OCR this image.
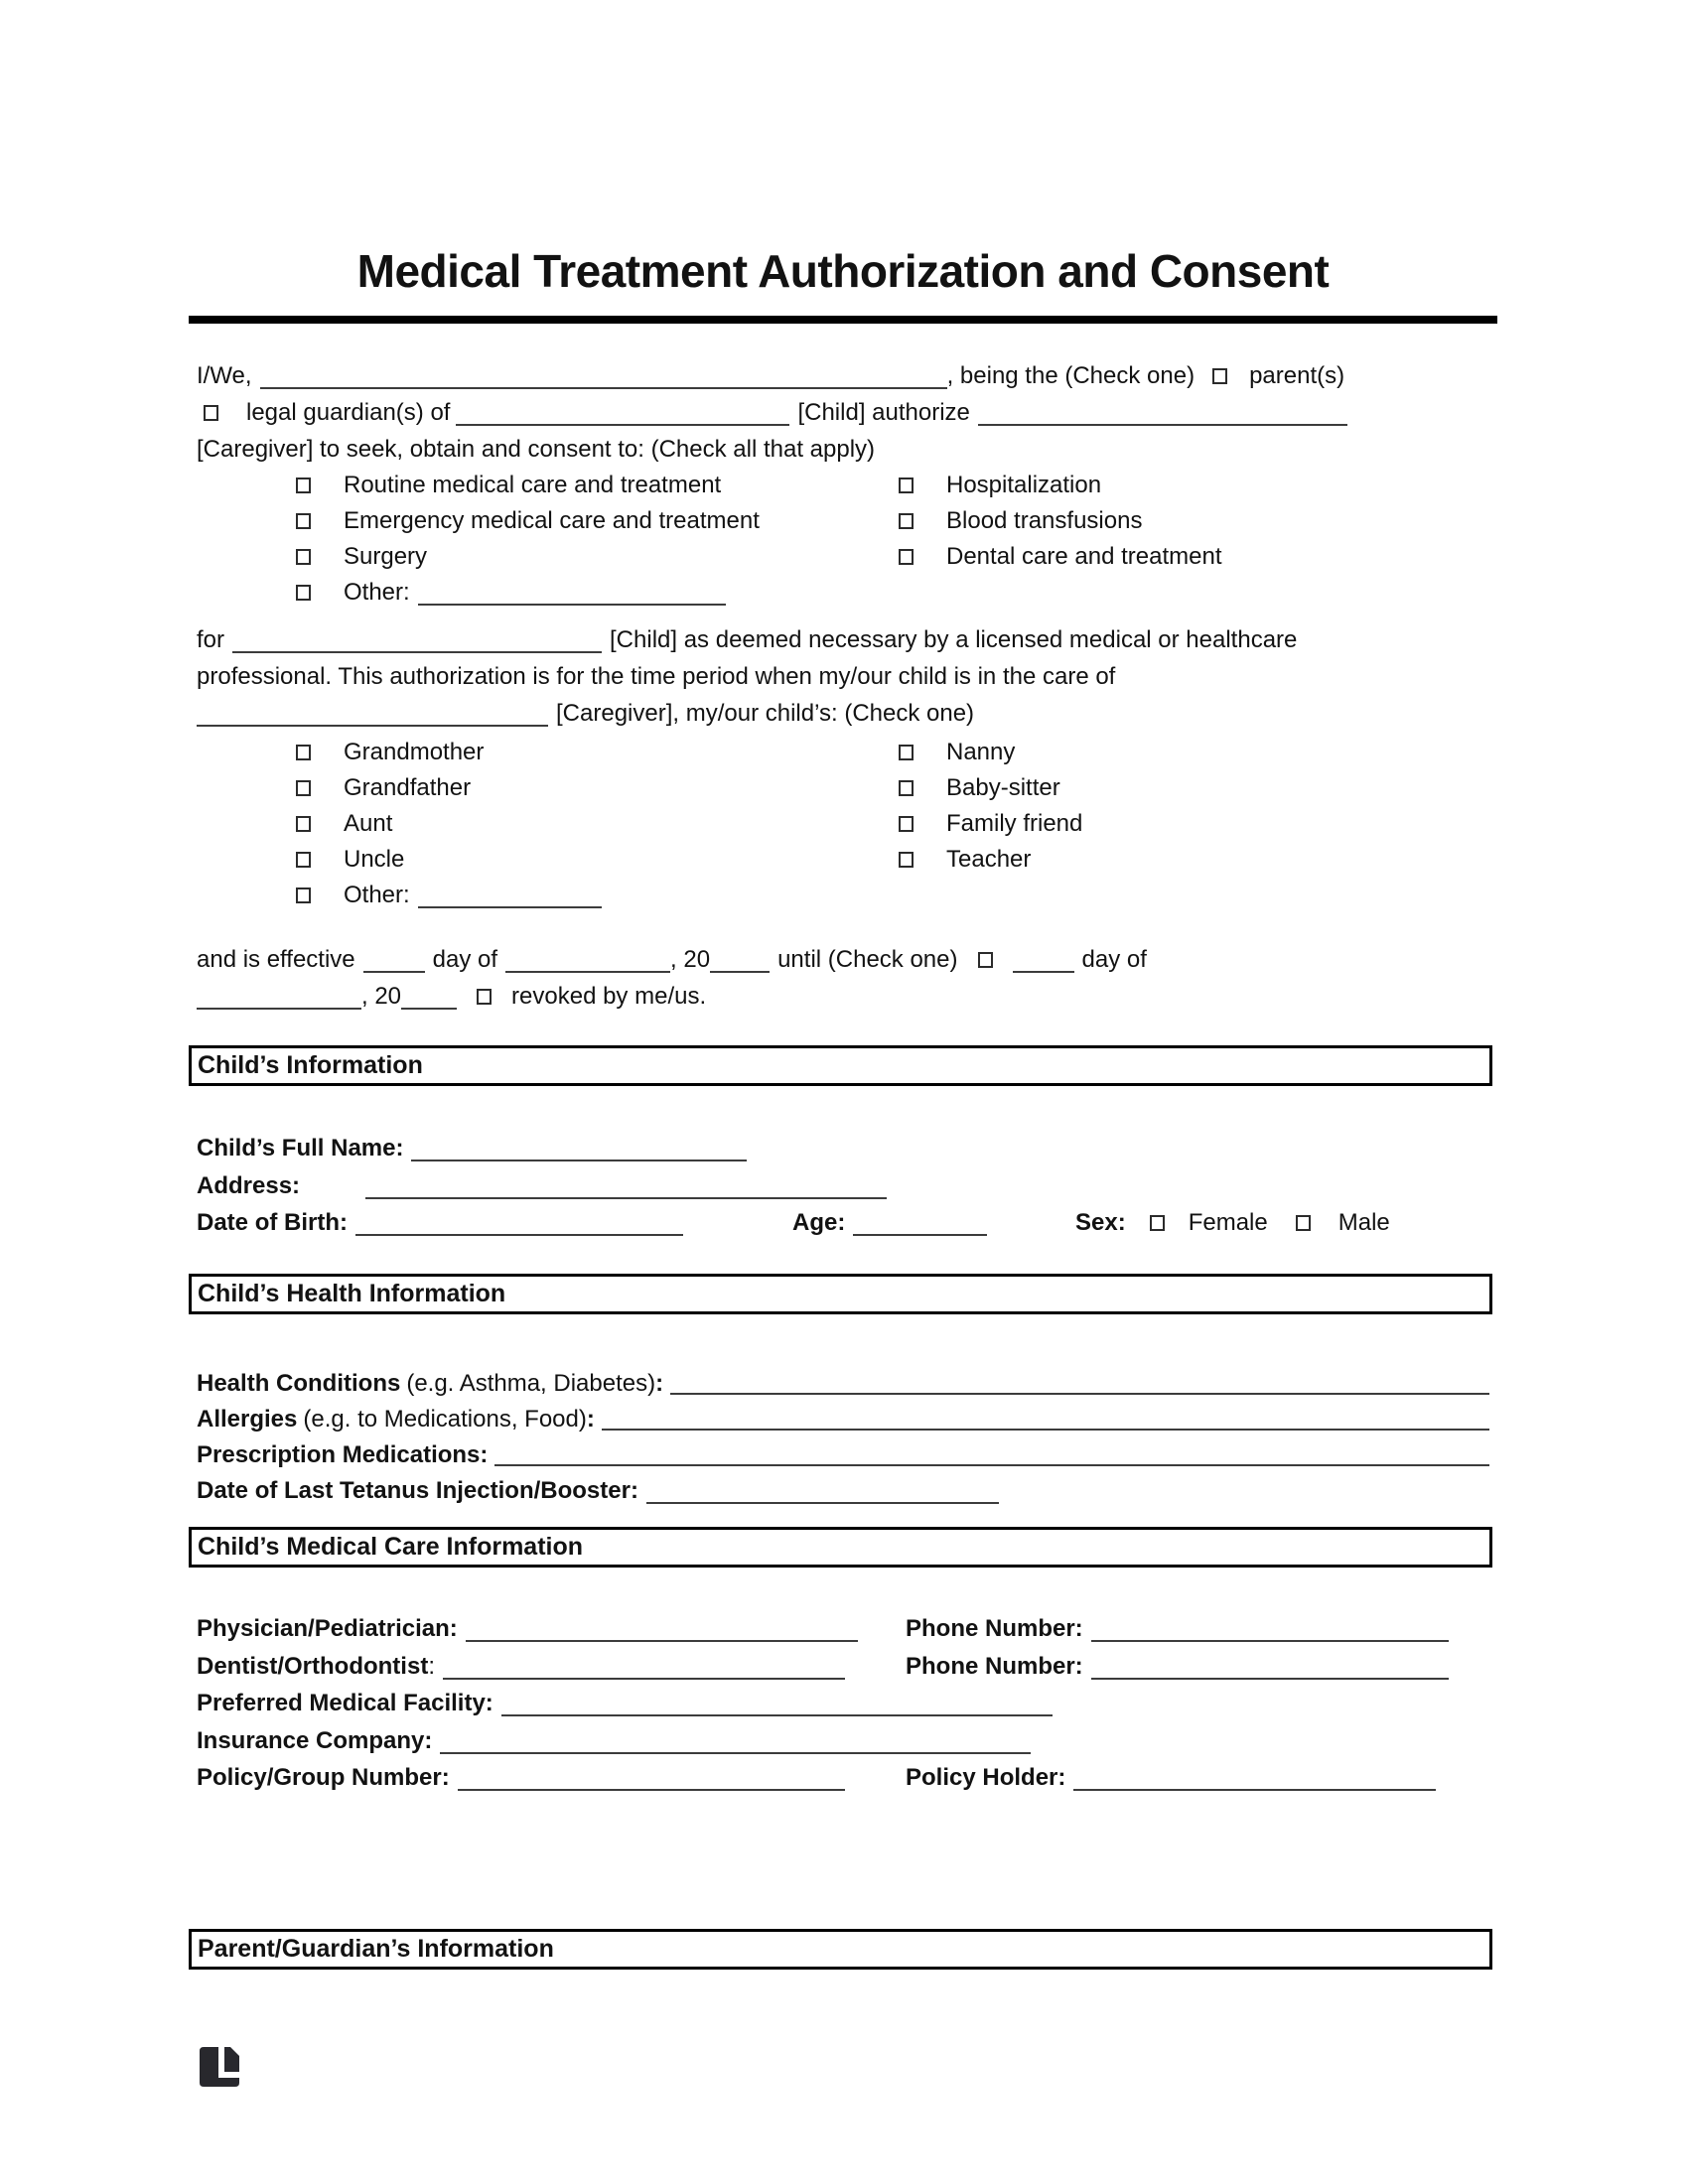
Medical Treatment Authorization and Consent
I/We,	, being the (Check one) parent(s)
legal guardian(s) of	[Child] authorize
[Caregiver] to seek, obtain and consent to: (Check all that apply)
Routine medical care and treatment	Hospitalization
Emergency medical care and treatment	Blood transfusions
Surgery	Dental care and treatment
Other:
for	[Child] as deemed necessary by a licensed medical or healthcare
professional. This authorization is for the time period when my/our child is in the care of
[Caregiver], my/our child’s: (Check one)
Grandmother	Nanny
Grandfather	Baby-sitter
Aunt	Family friend
Uncle	Teacher
Other:
and is effective	day of	, 20	until (Check one)	day of
, 20	revoked by me/us.
Child’s Information
Child’s Full Name:
Address:
Date of Birth:	Age:	Sex:	Female	Male
Child’s Health Information
Health Conditions (e.g. Asthma, Diabetes) :
Allergies (e.g. to Medications, Food) :
Prescription Medications:
Date of Last Tetanus Injection/Booster:
Child’s Medical Care Information
Physician/Pediatrician:	Phone Number:
Dentist/Orthodontist:	Phone Number:
Preferred Medical Facility:
Insurance Company:
Policy/Group Number:	Policy Holder:
Parent/Guardian’s Information
